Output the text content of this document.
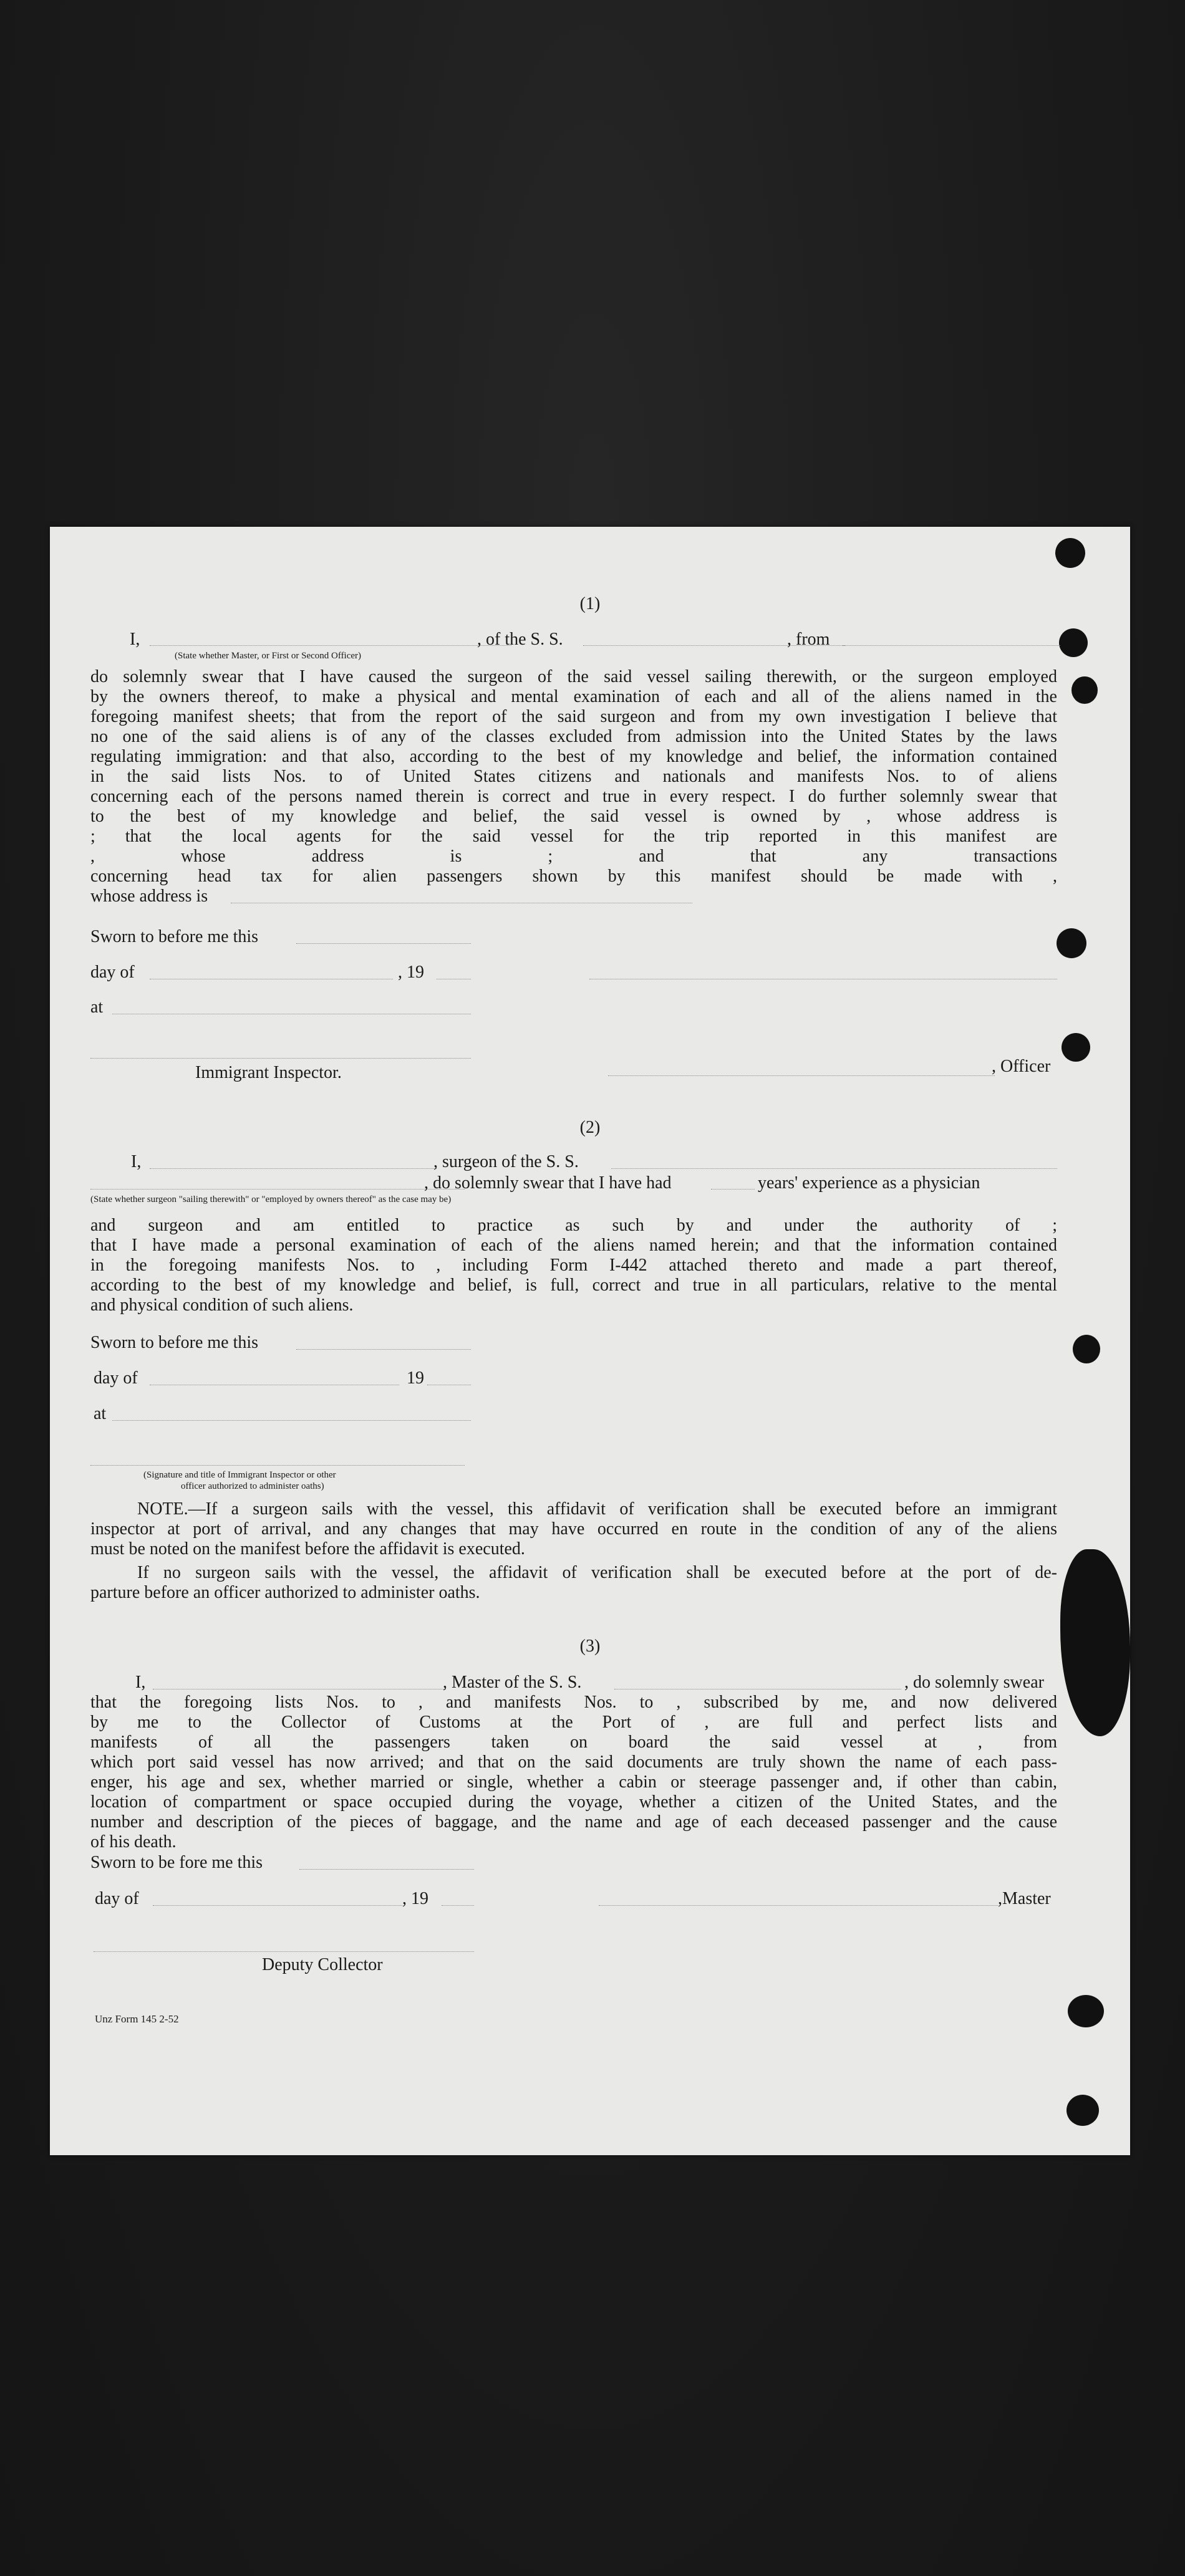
(1)
I,	, of the S. S.	, from
(State whether Master, or First or Second Officer)
do solemnly swear that I have caused the surgeon of the said vessel sailing therewith, or the surgeon employed
by the owners thereof, to make a physical and mental examination of each and all of the aliens named in the
foregoing manifest sheets; that from the report of the said surgeon and from my own investigation I believe that
no one of the said aliens is of any of the classes excluded from admission into the United States by the laws
regulating immigration: and that also, according to the best of my knowledge and belief, the information contained
in the said lists Nos. to of United States citizens and nationals and manifests Nos. to of aliens
concerning each of the persons named therein is correct and true in every respect. I do further solemnly swear that
to the best of my knowledge and belief, the said vessel is owned by , whose address is
; that the local agents for the said vessel for the trip reported in this manifest are
, whose address is ; and that any transactions
concerning head tax for alien passengers shown by this manifest should be made with ,
whose address is
Sworn to before me this
day of	, 19
at
Immigrant Inspector.	, Officer
(2)
I,	, surgeon of the S. S.
, do solemnly swear that I have had	years' experience as a physician
(State whether surgeon "sailing therewith" or "employed by owners thereof" as the case may be)
and surgeon and am entitled to practice as such by and under the authority of ;
that I have made a personal examination of each of the aliens named herein; and that the information contained
in the foregoing manifests Nos. to , including Form I-442 attached thereto and made a part thereof,
according to the best of my knowledge and belief, is full, correct and true in all particulars, relative to the mental
and physical condition of such aliens.
Sworn to before me this
day of	19
at
(Signature and title of Immigrant Inspector or other
officer authorized to administer oaths)
NOTE.—If a surgeon sails with the vessel, this affidavit of verification shall be executed before an immigrant
inspector at port of arrival, and any changes that may have occurred en route in the condition of any of the aliens
must be noted on the manifest before the affidavit is executed.
If no surgeon sails with the vessel, the affidavit of verification shall be executed before at the port of de-
parture before an officer authorized to administer oaths.
(3)
I,	, Master of the S. S.	, do solemnly swear
that the foregoing lists Nos. to , and manifests Nos. to , subscribed by me, and now delivered
by me to the Collector of Customs at the Port of , are full and perfect lists and
manifests of all the passengers taken on board the said vessel at , from
which port said vessel has now arrived; and that on the said documents are truly shown the name of each pass-
enger, his age and sex, whether married or single, whether a cabin or steerage passenger and, if other than cabin,
location of compartment or space occupied during the voyage, whether a citizen of the United States, and the
number and description of the pieces of baggage, and the name and age of each deceased passenger and the cause
of his death.
Sworn to be fore me this
day of	, 19	,Master
Deputy Collector
Unz Form 145 2-52
